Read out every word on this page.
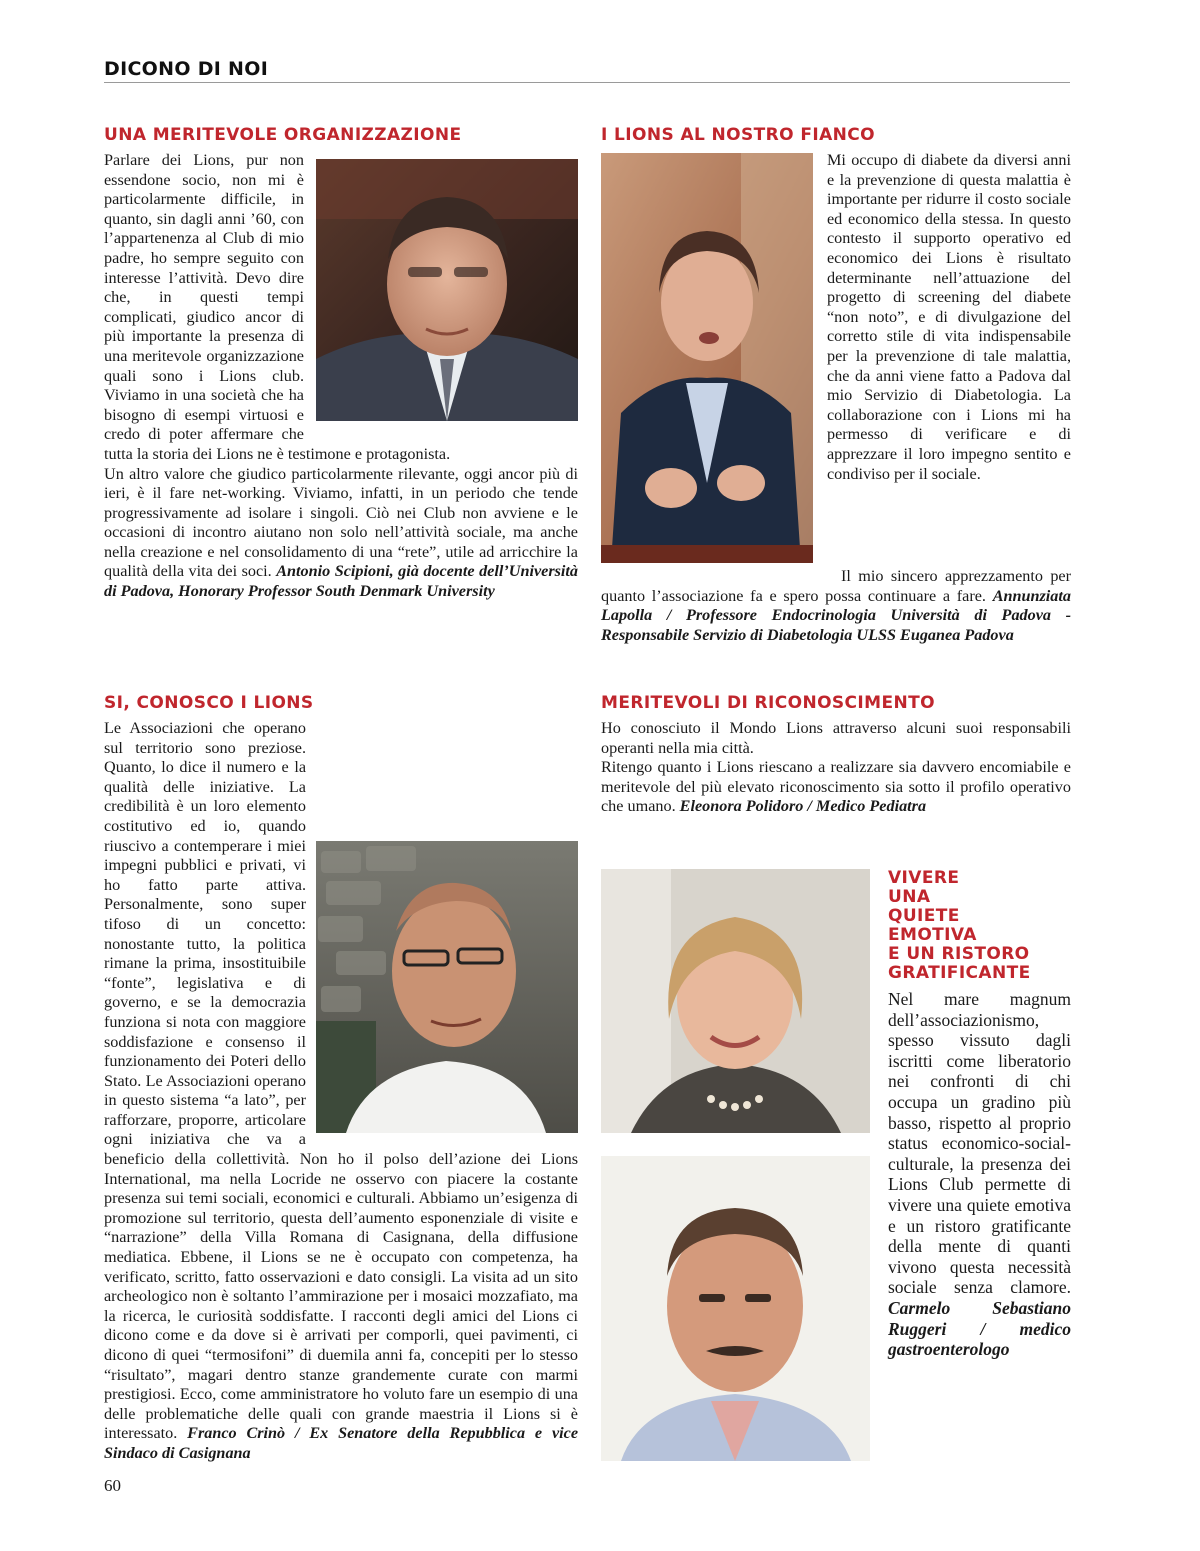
DICONO DI NOI
UNA MERITEVOLE ORGANIZZAZIONE

Parlare dei Lions, pur non essendone socio, non mi è particolarmente difficile, in quanto, sin dagli anni ’60, con l’appartenenza al Club di mio padre, ho sempre seguito con interesse l’attività. Devo dire che, in questi tempi complicati, giudico ancor di più importante la presenza di una meritevole organizzazione quali sono i Lions club. Viviamo in una società che ha bisogno di esempi virtuosi e credo di poter affermare che tutta la storia dei Lions ne è testimone e protagonista.

Un altro valore che giudico particolarmente rilevante, oggi ancor più di ieri, è il fare net-working. Viviamo, infatti, in un periodo che tende progressivamente ad isolare i singoli. Ciò nei Club non avviene e le occasioni di incontro aiutano non solo nell’attività sociale, ma anche nella creazione e nel consolidamento di una “rete”, utile ad arricchire la qualità della vita dei soci. Antonio Scipioni, già docente dell’Università di Padova, Honorary Professor South Denmark University

I LIONS AL NOSTRO FIANCO

Mi occupo di diabete da diversi anni e la prevenzione di questa malattia è importante per ridurre il costo sociale ed economico della stessa. In questo contesto il supporto operativo ed economico dei Lions è risultato determinante nell’attuazione del progetto di screening del diabete “non noto”, e di divulgazione del corretto stile di vita indispensabile per la prevenzione di tale malattia, che da anni viene fatto a Padova dal mio Servizio di Diabetologia. La collaborazione con i Lions mi ha permesso di verificare e di apprezzare il loro impegno sentito e condiviso per il sociale.

Il mio sincero apprezzamento per quanto l’associazione fa e spero possa continuare a fare. Annunziata Lapolla / Professore Endocrinologia Università di Padova - Responsabile Servizio di Diabetologia ULSS Euganea Padova

SI, CONOSCO I LIONS

Le Associazioni che operano sul territorio sono preziose. Quanto, lo dice il numero e la qualità delle iniziative. La credibilità è un loro elemento costitutivo ed io, quando riuscivo a contemperare i miei impegni pubblici e privati, vi ho fatto parte attiva. Personalmente, sono super tifoso di un concetto: nonostante tutto, la politica rimane la prima, insostituibile “fonte”, legislativa e di governo, e se la democrazia funziona si nota con maggiore soddisfazione e consenso il funzionamento dei Poteri dello Stato. Le Associazioni operano in questo sistema “a lato”, per rafforzare, proporre, articolare ogni iniziativa che va a beneficio della collettività. Non ho il polso dell’azione dei Lions International, ma nella Locride ne osservo con piacere la costante presenza sui temi sociali, economici e culturali. Abbiamo un’esigenza di promozione sul territorio, questa dell’aumento esponenziale di visite e “narrazione” della Villa Romana di Casignana, della diffusione mediatica. Ebbene, il Lions se ne è occupato con competenza, ha verificato, scritto, fatto osservazioni e dato consigli. La visita ad un sito archeologico non è soltanto l’ammirazione per i mosaici mozzafiato, ma la ricerca, le curiosità soddisfatte. I racconti degli amici del Lions ci dicono come e da dove si è arrivati per comporli, quei pavimenti, ci dicono di quei “termosifoni” di duemila anni fa, concepiti per lo stesso “risultato”, magari dentro stanze grandemente curate con marmi prestigiosi. Ecco, come amministratore ho voluto fare un esempio di una delle problematiche delle quali con grande maestria il Lions si è interessato. Franco Crinò / Ex Senatore della Repubblica e vice Sindaco di Casignana

MERITEVOLI DI RICONOSCIMENTO

Ho conosciuto il Mondo Lions attraverso alcuni suoi responsabili operanti nella mia città.

Ritengo quanto i Lions riescano a realizzare sia davvero encomiabile e meritevole del più elevato riconoscimento sia sotto il profilo operativo che umano. Eleonora Polidoro / Medico Pediatra

VIVERE
UNA
QUIETE
EMOTIVA
E UN RISTORO
GRATIFICANTE
Nel mare magnum dell’associazionismo, spesso vissuto dagli iscritti come liberatorio nei confronti di chi occupa un gradino più basso, rispetto al proprio status economico-social-culturale, la presenza dei Lions Club permette di vivere una quiete emotiva e un ristoro gratificante della mente di quanti vivono questa necessità sociale senza clamore. Carmelo Sebastiano Ruggeri / medico gastroenterologo
60
